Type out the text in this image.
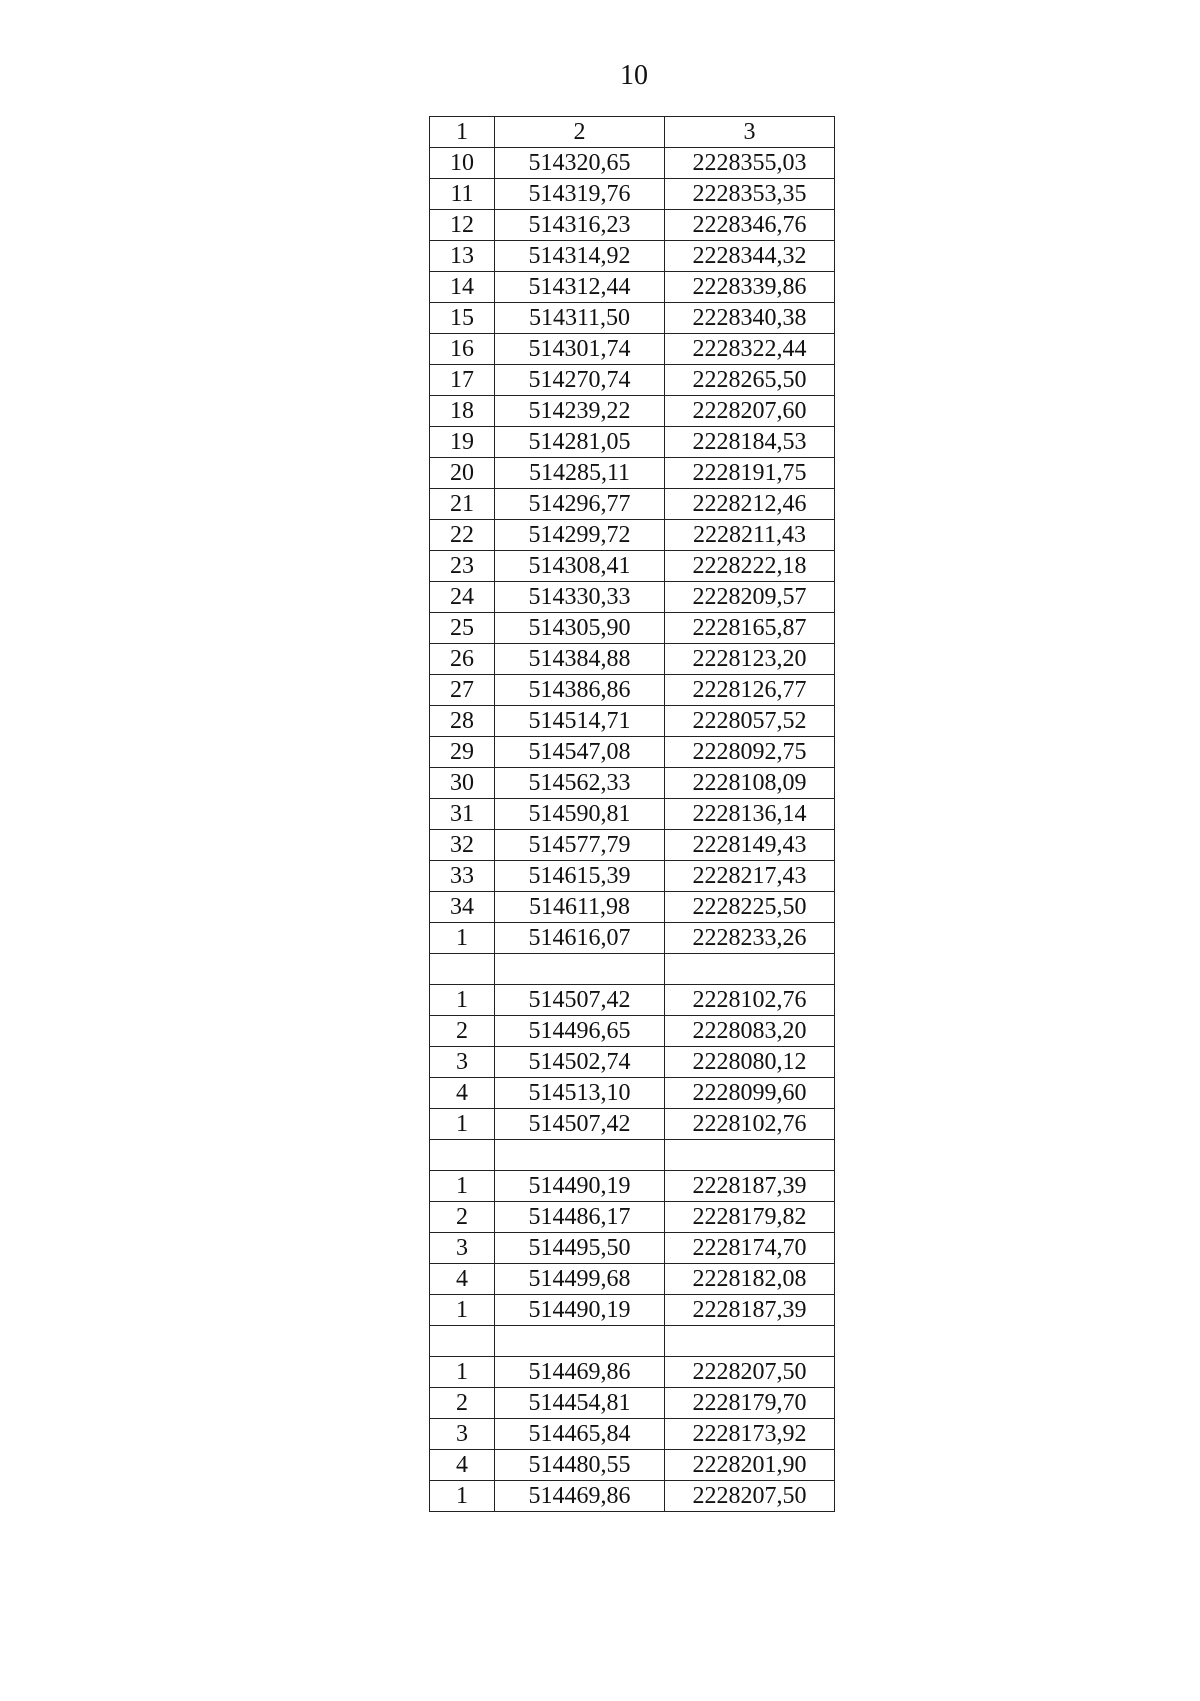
10
1	2	3
10	514320,65	2228355,03
11	514319,76	2228353,35
12	514316,23	2228346,76
13	514314,92	2228344,32
14	514312,44	2228339,86
15	514311,50	2228340,38
16	514301,74	2228322,44
17	514270,74	2228265,50
18	514239,22	2228207,60
19	514281,05	2228184,53
20	514285,11	2228191,75
21	514296,77	2228212,46
22	514299,72	2228211,43
23	514308,41	2228222,18
24	514330,33	2228209,57
25	514305,90	2228165,87
26	514384,88	2228123,20
27	514386,86	2228126,77
28	514514,71	2228057,52
29	514547,08	2228092,75
30	514562,33	2228108,09
31	514590,81	2228136,14
32	514577,79	2228149,43
33	514615,39	2228217,43
34	514611,98	2228225,50
1	514616,07	2228233,26

1	514507,42	2228102,76
2	514496,65	2228083,20
3	514502,74	2228080,12
4	514513,10	2228099,60
1	514507,42	2228102,76

1	514490,19	2228187,39
2	514486,17	2228179,82
3	514495,50	2228174,70
4	514499,68	2228182,08
1	514490,19	2228187,39

1	514469,86	2228207,50
2	514454,81	2228179,70
3	514465,84	2228173,92
4	514480,55	2228201,90
1	514469,86	2228207,50
